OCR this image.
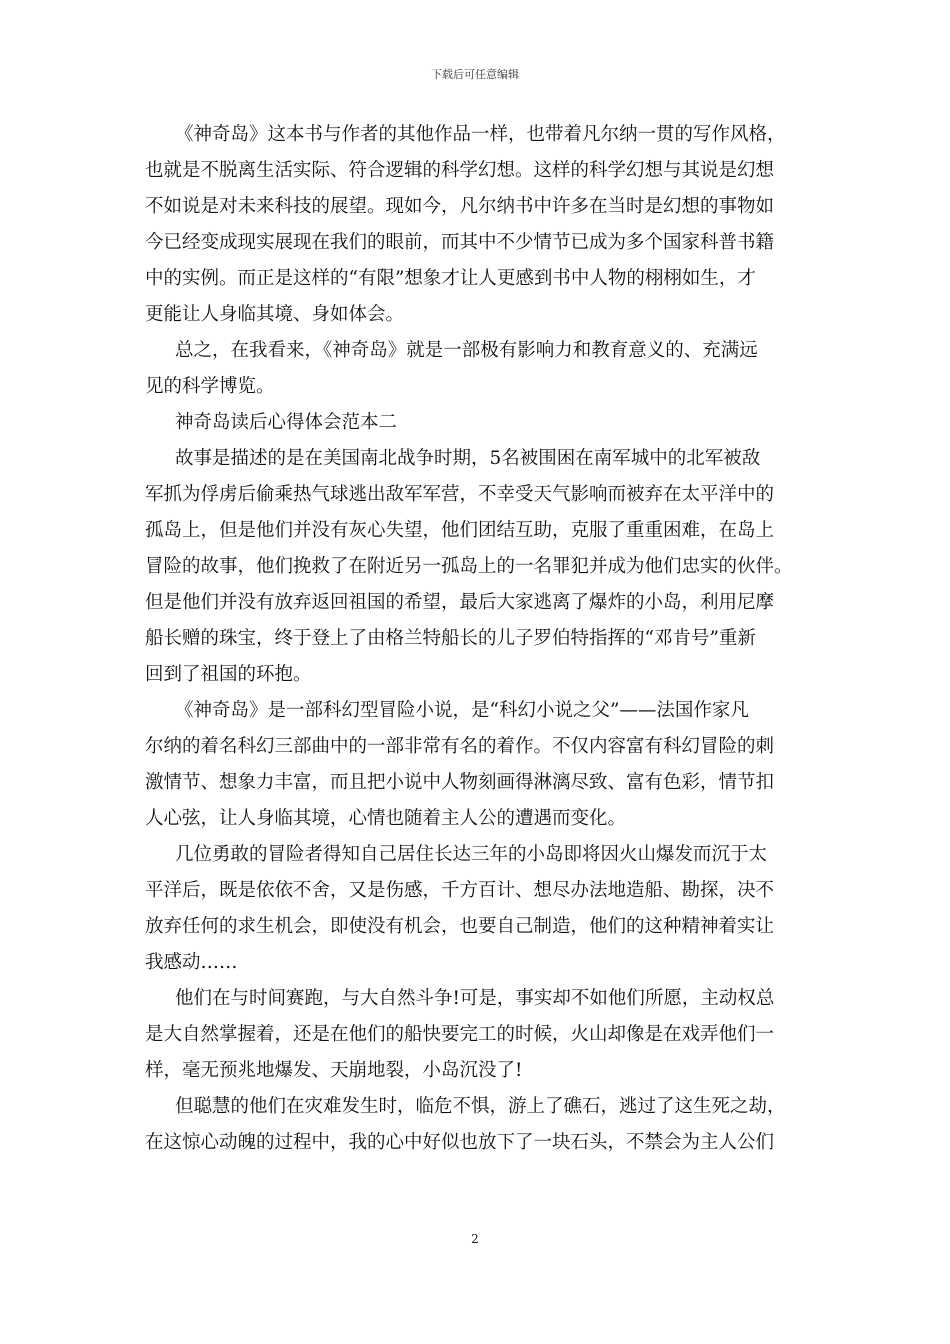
下载后可任意编辑
《神奇岛》这本书与作者的其他作品一样，也带着凡尔纳一贯的写作风格，
也就是不脱离生活实际、符合逻辑的科学幻想。这样的科学幻想与其说是幻想
不如说是对未来科技的展望。现如今，凡尔纳书中许多在当时是幻想的事物如
今已经变成现实展现在我们的眼前，而其中不少情节已成为多个国家科普书籍
中的实例。而正是这样的“有限”想象才让人更感到书中人物的栩栩如生，才
更能让人身临其境、身如体会。
总之，在我看来，《神奇岛》就是一部极有影响力和教育意义的、充满远
见的科学博览。
神奇岛读后心得体会范本二
故事是描述的是在美国南北战争时期，5名被围困在南军城中的北军被敌
军抓为俘虏后偷乘热气球逃出敌军军营，不幸受天气影响而被弃在太平洋中的
孤岛上，但是他们并没有灰心失望，他们团结互助，克服了重重困难，在岛上
冒险的故事，他们挽救了在附近另一孤岛上的一名罪犯并成为他们忠实的伙伴。
但是他们并没有放弃返回祖国的希望，最后大家逃离了爆炸的小岛，利用尼摩
船长赠的珠宝，终于登上了由格兰特船长的儿子罗伯特指挥的“邓肯号”重新
回到了祖国的环抱。
《神奇岛》是一部科幻型冒险小说，是“科幻小说之父”——法国作家凡
尔纳的着名科幻三部曲中的一部非常有名的着作。不仅内容富有科幻冒险的刺
激情节、想象力丰富，而且把小说中人物刻画得淋漓尽致、富有色彩，情节扣
人心弦，让人身临其境，心情也随着主人公的遭遇而变化。
几位勇敢的冒险者得知自己居住长达三年的小岛即将因火山爆发而沉于太
平洋后，既是依依不舍，又是伤感，千方百计、想尽办法地造船、勘探，决不
放弃任何的求生机会，即使没有机会，也要自己制造，他们的这种精神着实让
我感动……
他们在与时间赛跑，与大自然斗争!可是，事实却不如他们所愿，主动权总
是大自然掌握着，还是在他们的船快要完工的时候，火山却像是在戏弄他们一
样，毫无预兆地爆发、天崩地裂，小岛沉没了!
但聪慧的他们在灾难发生时，临危不惧，游上了礁石，逃过了这生死之劫，
在这惊心动魄的过程中，我的心中好似也放下了一块石头，不禁会为主人公们
2
